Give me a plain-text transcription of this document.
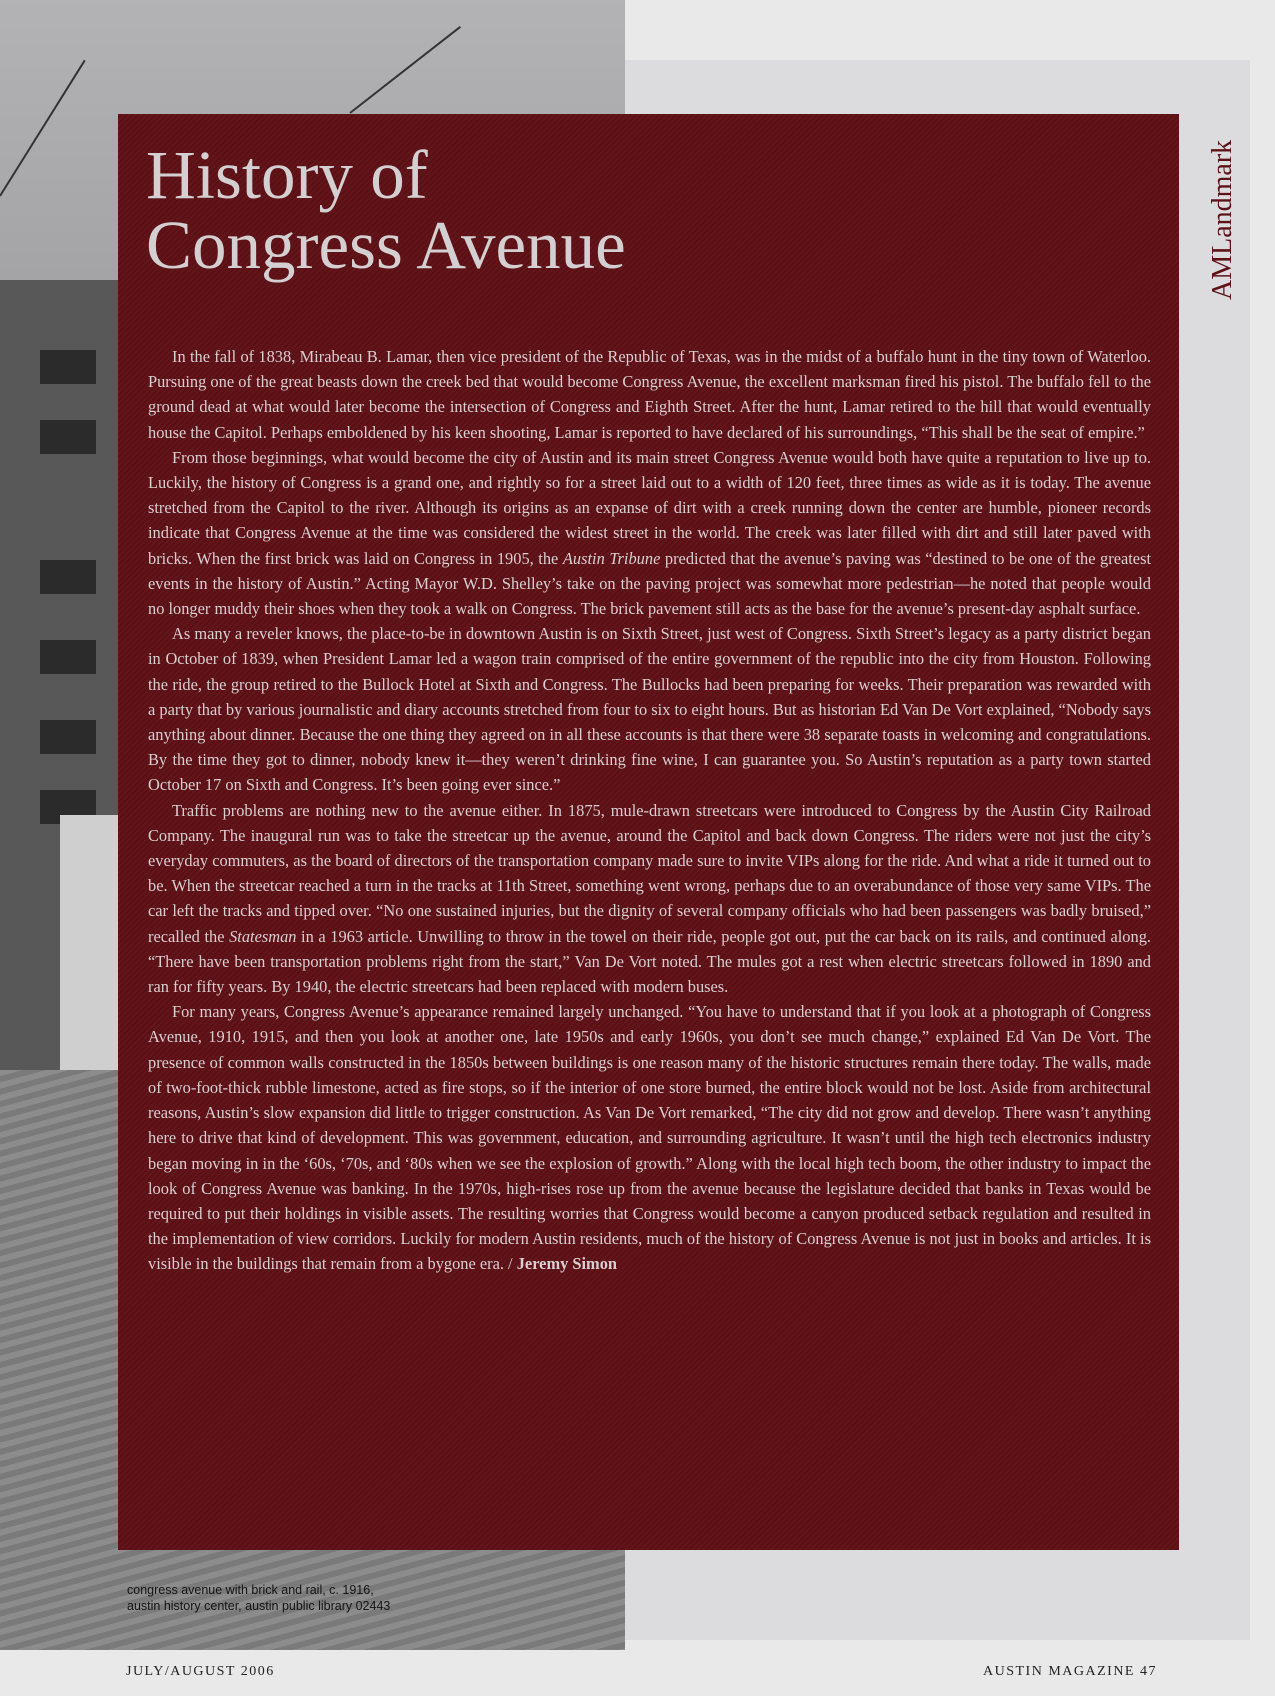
History of
Congress Avenue	AMLandmark

In the fall of 1838, Mirabeau B. Lamar, then vice president of the Republic of Texas, was in the midst of a buffalo hunt in the tiny town of Waterloo. Pursuing one of the great beasts down the creek bed that would become Congress Avenue, the excellent marksman fired his pistol. The buffalo fell to the ground dead at what would later become the intersection of Congress and Eighth Street. After the hunt, Lamar retired to the hill that would eventually house the Capitol. Perhaps emboldened by his keen shooting, Lamar is reported to have declared of his surroundings, “This shall be the seat of empire.”

From those beginnings, what would become the city of Austin and its main street Congress Avenue would both have quite a reputation to live up to. Luckily, the history of Congress is a grand one, and rightly so for a street laid out to a width of 120 feet, three times as wide as it is today. The avenue stretched from the Capitol to the river. Although its origins as an expanse of dirt with a creek running down the center are humble, pioneer records indicate that Congress Avenue at the time was considered the widest street in the world. The creek was later filled with dirt and still later paved with bricks. When the first brick was laid on Congress in 1905, the Austin Tribune predicted that the avenue’s paving was “destined to be one of the greatest events in the history of Austin.” Acting Mayor W.D. Shelley’s take on the paving project was somewhat more pedestrian—he noted that people would no longer muddy their shoes when they took a walk on Congress. The brick pavement still acts as the base for the avenue’s present-day asphalt surface.

As many a reveler knows, the place-to-be in downtown Austin is on Sixth Street, just west of Congress. Sixth Street’s legacy as a party district began in October of 1839, when President Lamar led a wagon train comprised of the entire government of the republic into the city from Houston. Following the ride, the group retired to the Bullock Hotel at Sixth and Congress. The Bullocks had been preparing for weeks. Their preparation was rewarded with a party that by various journalistic and diary accounts stretched from four to six to eight hours. But as historian Ed Van De Vort explained, “Nobody says anything about dinner. Because the one thing they agreed on in all these accounts is that there were 38 separate toasts in welcoming and congratulations. By the time they got to dinner, nobody knew it—they weren’t drinking fine wine, I can guarantee you. So Austin’s reputation as a party town started October 17 on Sixth and Congress. It’s been going ever since.”

Traffic problems are nothing new to the avenue either. In 1875, mule-drawn streetcars were introduced to Congress by the Austin City Railroad Company. The inaugural run was to take the streetcar up the avenue, around the Capitol and back down Congress. The riders were not just the city’s everyday commuters, as the board of directors of the transportation company made sure to invite VIPs along for the ride. And what a ride it turned out to be. When the streetcar reached a turn in the tracks at 11th Street, something went wrong, perhaps due to an overabundance of those very same VIPs. The car left the tracks and tipped over. “No one sustained injuries, but the dignity of several company officials who had been passengers was badly bruised,” recalled the Statesman in a 1963 article. Unwilling to throw in the towel on their ride, people got out, put the car back on its rails, and continued along. “There have been transportation problems right from the start,” Van De Vort noted. The mules got a rest when electric streetcars followed in 1890 and ran for fifty years. By 1940, the electric streetcars had been replaced with modern buses.

For many years, Congress Avenue’s appearance remained largely unchanged. “You have to understand that if you look at a photograph of Congress Avenue, 1910, 1915, and then you look at another one, late 1950s and early 1960s, you don’t see much change,” explained Ed Van De Vort. The presence of common walls constructed in the 1850s between buildings is one reason many of the historic structures remain there today. The walls, made of two-foot-thick rubble limestone, acted as fire stops, so if the interior of one store burned, the entire block would not be lost. Aside from architectural reasons, Austin’s slow expansion did little to trigger construction. As Van De Vort remarked, “The city did not grow and develop. There wasn’t anything here to drive that kind of development. This was government, education, and surrounding agriculture. It wasn’t until the high tech electronics industry began moving in in the ‘60s, ‘70s, and ‘80s when we see the explosion of growth.” Along with the local high tech boom, the other industry to impact the look of Congress Avenue was banking. In the 1970s, high-rises rose up from the avenue because the legislature decided that banks in Texas would be required to put their holdings in visible assets. The resulting worries that Congress would become a canyon produced setback regulation and resulted in the implementation of view corridors. Luckily for modern Austin residents, much of the history of Congress Avenue is not just in books and articles. It is visible in the buildings that remain from a bygone era. / Jeremy Simon

congress avenue with brick and rail, c. 1916,
austin history center, austin public library 02443
JULY/AUGUST 2006	AUSTIN MAGAZINE 47
